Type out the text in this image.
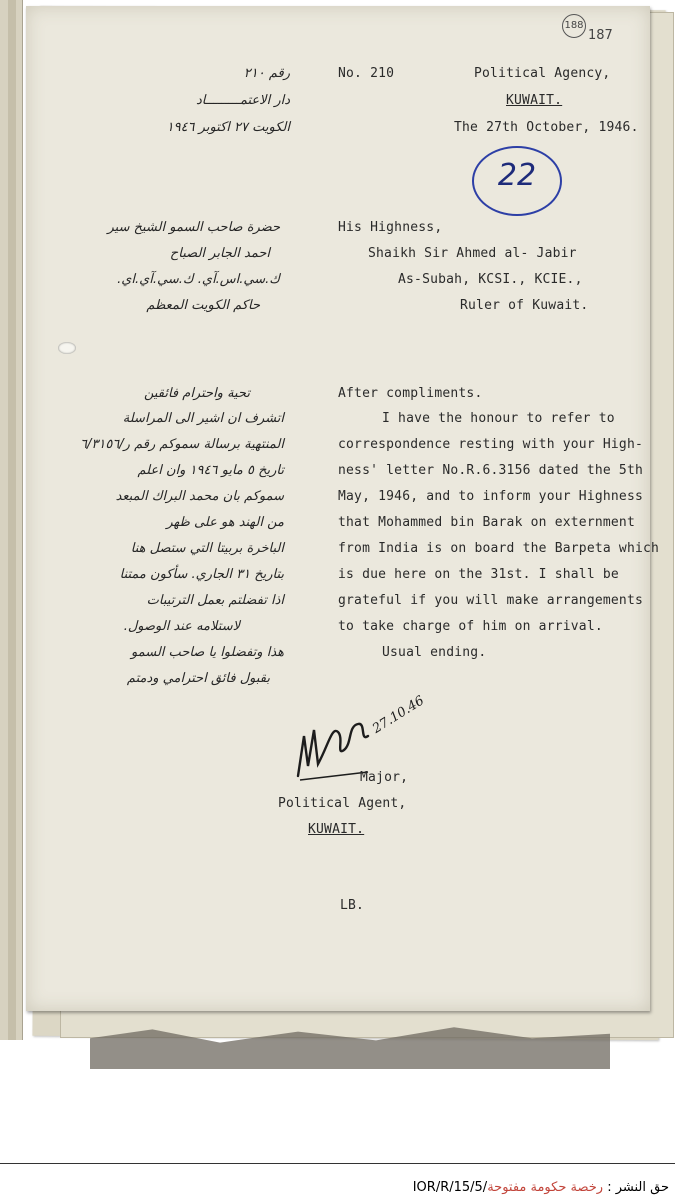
188
187
No. 210	Political Agency,
KUWAIT.
The 27th October, 1946.
رقم ٢١٠
دار الاعتمـــــــــاد
الكويت ٢٧ اكتوبر ١٩٤٦
22
His Highness,
Shaikh Sir Ahmed al- Jabir
As-Subah, KCSI., KCIE.,
Ruler of Kuwait.
حضرة صاحب السمو الشيخ سير
احمد الجابر الصباح
ك.سي.اس.آي. ك.سي.آي.اي.
حاكم الكويت المعظم
After compliments.
I have the honour to refer to
correspondence resting with your High-
ness' letter No.R.6.3156 dated the 5th
May, 1946, and to inform your Highness
that Mohammed bin Barak on externment
from India is on board the Barpeta which
is due here on the 31st. I shall be
grateful if you will make arrangements
to take charge of him on arrival.
Usual ending.
تحية واحترام فائقين
اتشرف ان اشير الى المراسلة
المنتهية برسالة سموكم رقم ر/٦/٣١٥٦
تاريخ ٥ مايو ١٩٤٦ وان اعلم
سموكم بان محمد البراك المبعد
من الهند هو على ظهر
الباخرة بربيتا التي ستصل هنا
بتاريخ ٣١ الجاري. سأكون ممتنا
اذا تفضلتم بعمل الترتيبات
لاستلامه عند الوصول.
هذا وتفضلوا يا صاحب السمو
بقبول فائق احترامي ودمتم
27.10.46
Major,
Political Agent,
KUWAIT.
LB.
IOR/R/15/5/	حق النشر : رخصة حكومة مفتوحة
